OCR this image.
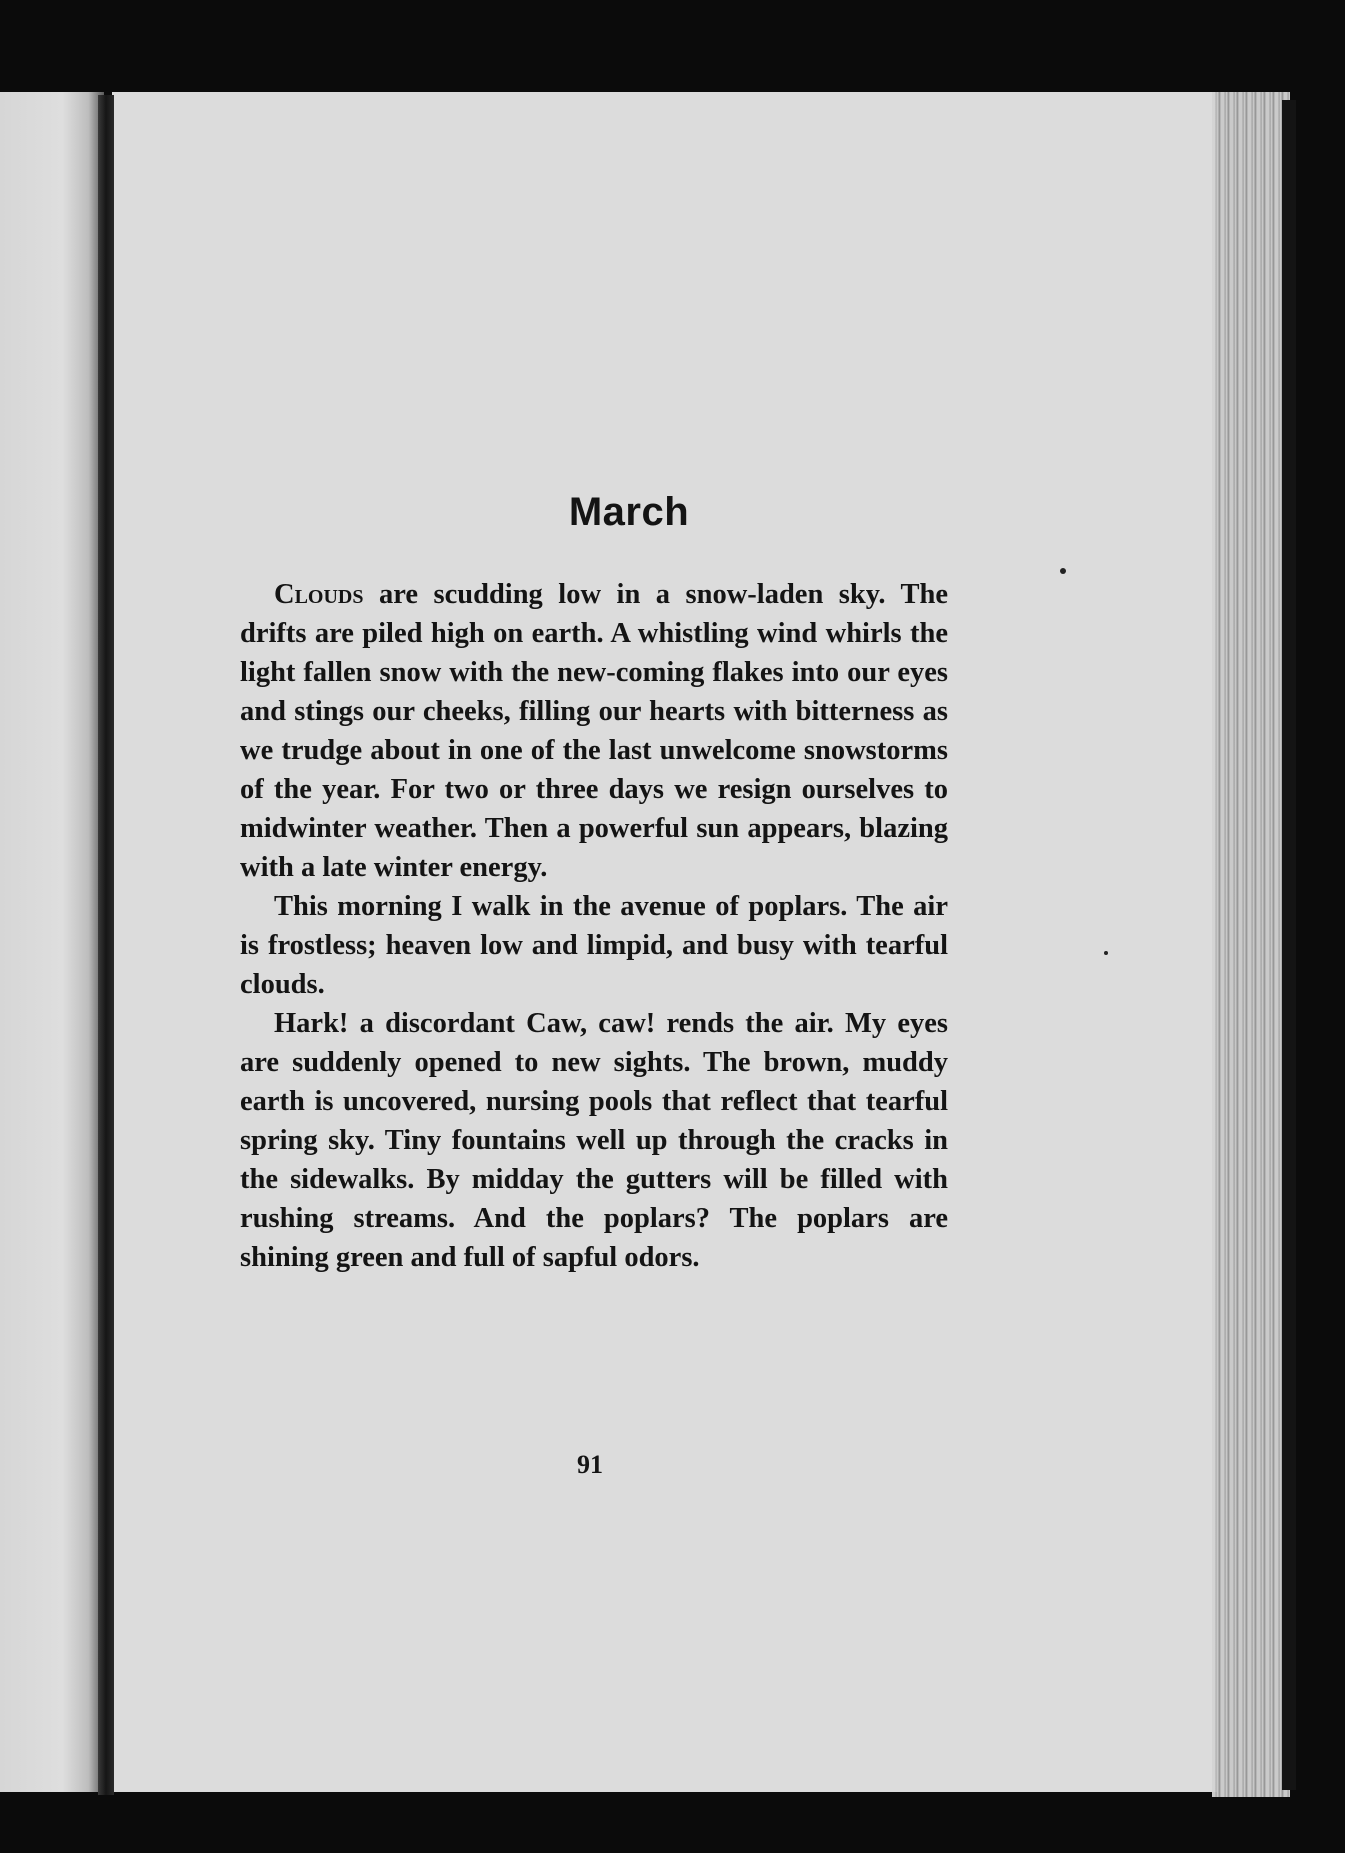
March

Clouds are scudding low in a snow-laden sky. The drifts are piled high on earth. A whistling wind whirls the light fallen snow with the new-coming flakes into our eyes and stings our cheeks, filling our hearts with bitterness as we trudge about in one of the last unwelcome snowstorms of the year. For two or three days we resign ourselves to midwinter weather. Then a powerful sun appears, blazing with a late winter energy.

This morning I walk in the avenue of poplars. The air is frostless; heaven low and limpid, and busy with tearful clouds.

Hark! a discordant Caw, caw! rends the air. My eyes are suddenly opened to new sights. The brown, muddy earth is uncovered, nursing pools that reflect that tearful spring sky. Tiny fountains well up through the cracks in the sidewalks. By midday the gutters will be filled with rushing streams. And the poplars? The poplars are shining green and full of sapful odors.

91
